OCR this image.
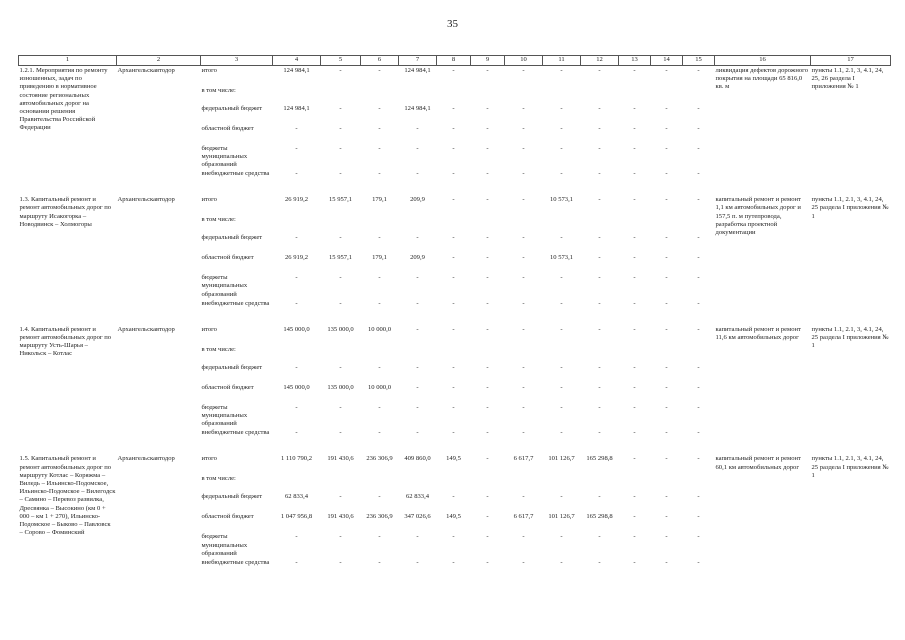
35
1	2	3	4	5	6	7	8	9	10	11	12	13	14	15	16	17
1.2.1. Мероприятия по ремонту изношенных, задач по приведению в нормативное состояние региональных автомобильных дорог на основании решения Правительства Российской Федерации	Архангельскавтодор	итого	124 984,1	-	-	124 984,1	-	-	-	-	-	-	-	-	ликвидация дефектов дорожного покрытия на площади 65 816,0 кв. м	пункты 1.1, 2.1, 3, 4.1, 24, 25, 26 раздела I приложения № 1
		в том числе:														
		федеральный бюджет	124 984,1	-	-	124 984,1	-	-	-	-	-	-	-	-		
		областной бюджет	-	-	-	-	-	-	-	-	-	-	-	-		
		бюджеты муниципальных образований	-	-	-	-	-	-	-	-	-	-	-	-		
		внебюджетные средства	-	-	-	-	-	-	-	-	-	-	-	-		

1.3. Капитальный ремонт и ремонт автомобильных дорог по маршруту Исакогорка – Новодвинск – Холмогоры	Архангельскавтодор	итого	26 919,2	15 957,1	179,1	209,9	-	-	-	10 573,1	-	-	-	-	капитальный ремонт и ремонт 1,1 км автомобильных дорог и 157,5 п. м путепровода, разработка проектной документации	пункты 1.1, 2.1, 3, 4.1, 24, 25 раздела I приложения № 1
		в том числе:														
		федеральный бюджет	-	-	-	-	-	-	-	-	-	-	-	-		
		областной бюджет	26 919,2	15 957,1	179,1	209,9	-	-	-	10 573,1	-	-	-	-		
		бюджеты муниципальных образований	-	-	-	-	-	-	-	-	-	-	-	-		
		внебюджетные средства	-	-	-	-	-	-	-	-	-	-	-	-		

1.4. Капитальный ремонт и ремонт автомобильных дорог по маршруту Усть-Шарья – Никольск – Котлас	Архангельскавтодор	итого	145 000,0	135 000,0	10 000,0	-	-	-	-	-	-	-	-	-	капитальный ремонт и ремонт 11,6 км автомобильных дорог	пункты 1.1, 2.1, 3, 4.1, 24, 25 раздела I приложения № 1
		в том числе:														
		федеральный бюджет	-	-	-	-	-	-	-	-	-	-	-	-		
		областной бюджет	145 000,0	135 000,0	10 000,0	-	-	-	-	-	-	-	-	-		
		бюджеты муниципальных образований	-	-	-	-	-	-	-	-	-	-	-	-		
		внебюджетные средства	-	-	-	-	-	-	-	-	-	-	-	-		

1.5. Капитальный ремонт и ремонт автомобильных дорог по маршруту Котлас – Коряжма – Виледь – Ильинско-Подомское, Ильинско-Подомское – Вилегодск – Самино – Перевоз развилка, Дресвянка – Высокино (км 0 + 000 – км 1 + 270), Ильинско-Подомское – Быково – Павловск – Сорово – Фоминский	Архангельскавтодор	итого	1 110 790,2	191 430,6	236 306,9	409 860,0	149,5	-	6 617,7	101 126,7	165 298,8	-	-	-	капитальный ремонт и ремонт 60,1 км автомобильных дорог	пункты 1.1, 2.1, 3, 4.1, 24, 25 раздела I приложения № 1
		в том числе:														
		федеральный бюджет	62 833,4	-	-	62 833,4	-	-	-	-	-	-	-	-		
		областной бюджет	1 047 956,8	191 430,6	236 306,9	347 026,6	149,5	-	6 617,7	101 126,7	165 298,8	-	-	-		
		бюджеты муниципальных образований	-	-	-	-	-	-	-	-	-	-	-	-		
		внебюджетные средства	-	-	-	-	-	-	-	-	-	-	-	-		
